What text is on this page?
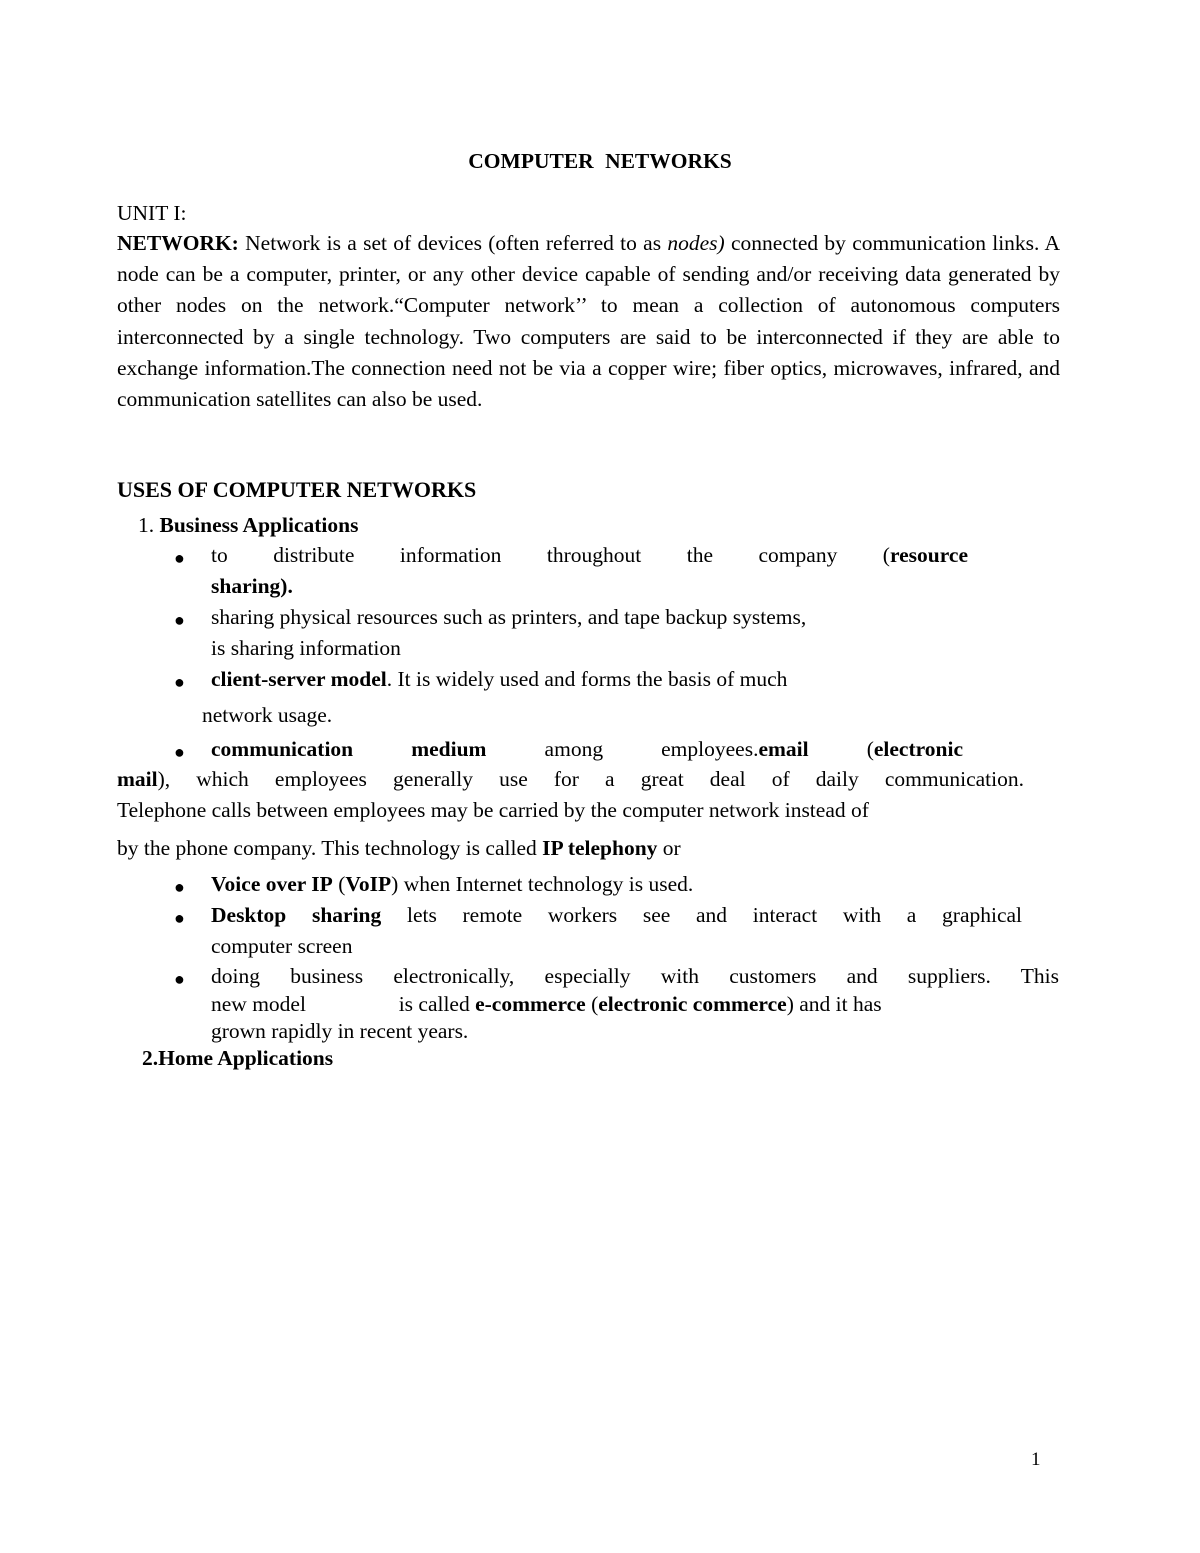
COMPUTER NETWORKS
UNIT I:
NETWORK: Network is a set of devices (often referred to as nodes) connected by communication links. A node can be a computer, printer, or any other device capable of sending and/or receiving data generated by other nodes on the network.“Computer network’’ to mean a collection of autonomous computers interconnected by a single technology. Two computers are said to be interconnected if they are able to exchange information.The connection need not be via a copper wire; fiber optics, microwaves, infrared, and communication satellites can also be used.
USES OF COMPUTER NETWORKS
1. Business Applications
● to distribute information throughout the company (resource
sharing).
● sharing physical resources such as printers, and tape backup systems,
is sharing information
● client-server model. It is widely used and forms the basis of much
network usage.
● communication medium	among employees.email	(electronic
mail), which employees generally use for a great deal of daily communication.
Telephone calls between employees may be carried by the computer network instead of
by the phone company. This technology is called IP telephony or
● Voice over IP (VoIP) when Internet technology is used.
● Desktop sharing lets remote workers see and interact with a graphical
computer screen
● doing business electronically, especially with customers and suppliers. This
new model	is called e-commerce (electronic commerce) and it has
grown rapidly in recent years.
2.Home Applications
1
